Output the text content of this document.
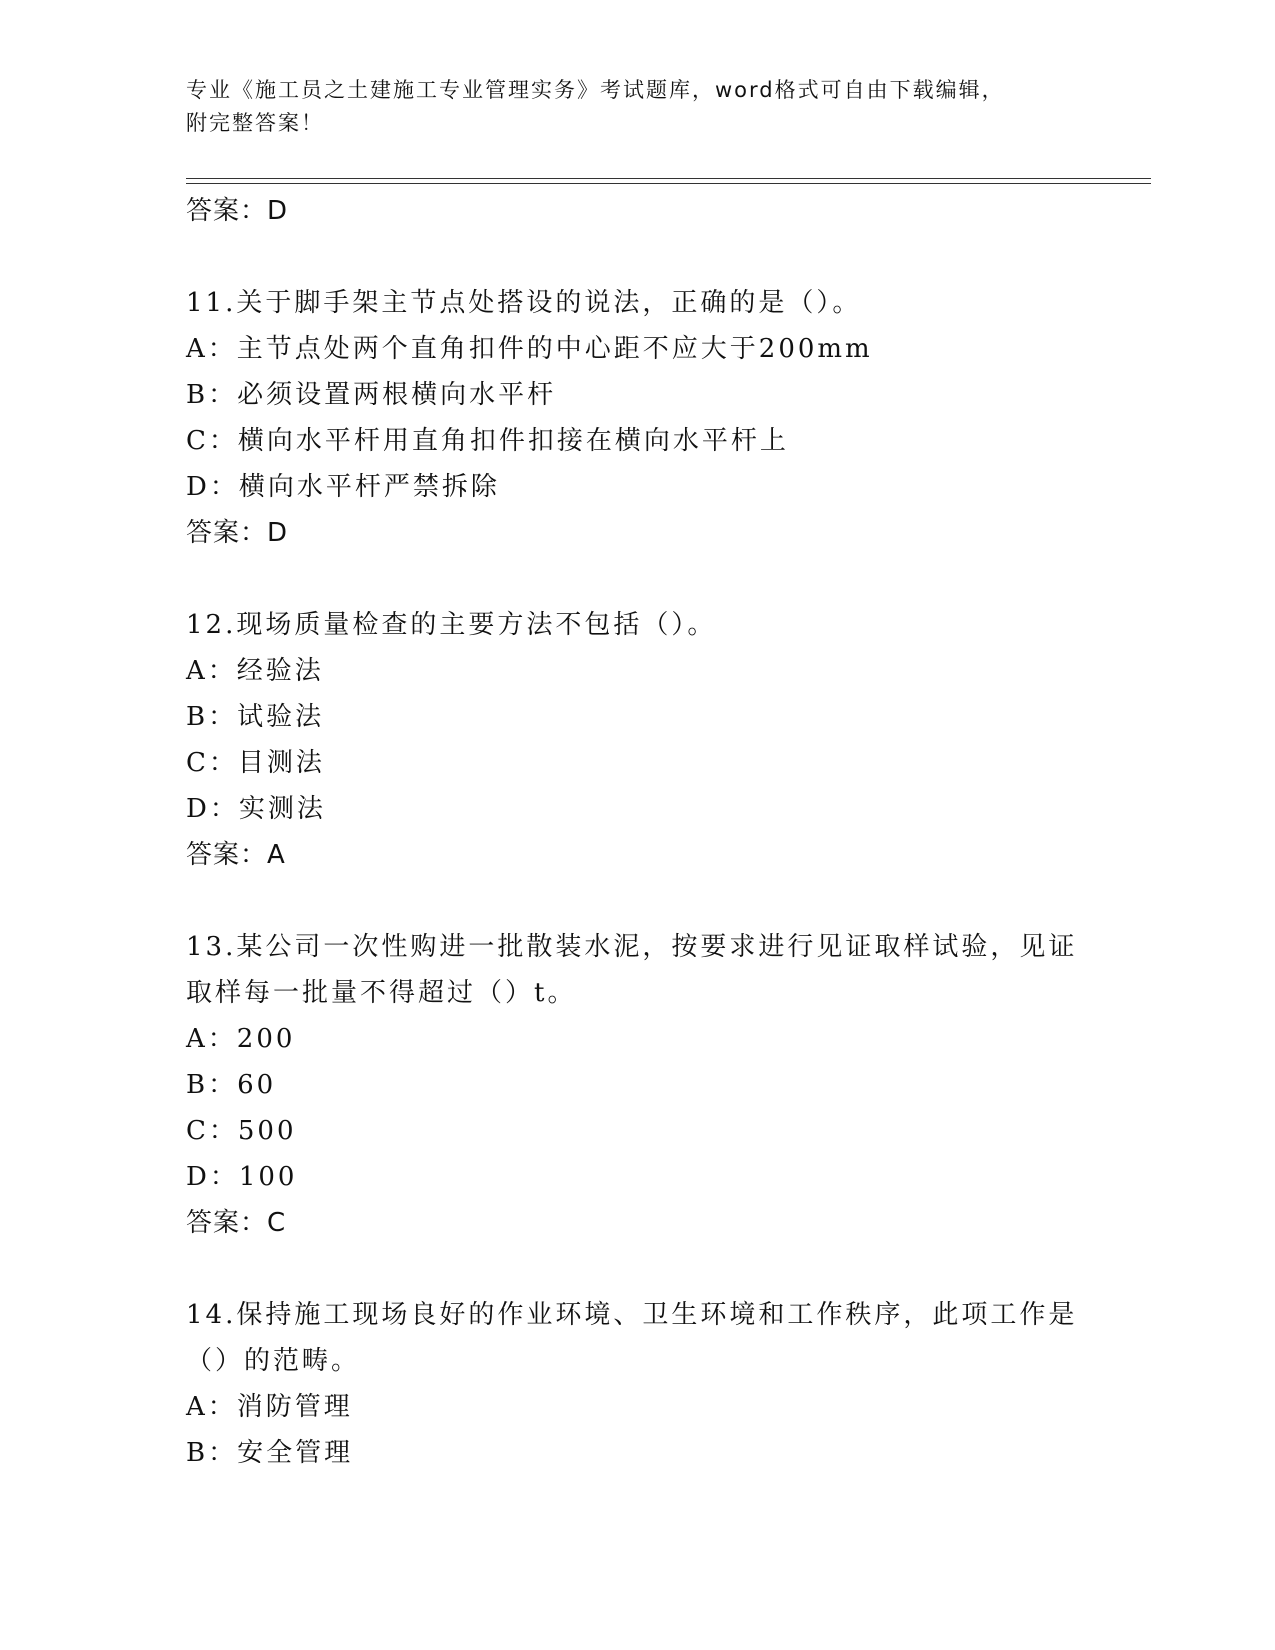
专业《施工员之土建施工专业管理实务》考试题库，word格式可自由下载编辑，
附完整答案！
答案：D
11.关于脚手架主节点处搭设的说法，正确的是（）。
A：主节点处两个直角扣件的中心距不应大于200mm
B：必须设置两根横向水平杆
C：横向水平杆用直角扣件扣接在横向水平杆上
D：横向水平杆严禁拆除
答案：D
12.现场质量检查的主要方法不包括（）。
A：经验法
B：试验法
C：目测法
D：实测法
答案：A
13.某公司一次性购进一批散装水泥，按要求进行见证取样试验，见证取样每一批量不得超过（）t。
A：200
B：60
C：500
D：100
答案：C
14.保持施工现场良好的作业环境、卫生环境和工作秩序，此项工作是（）的范畴。
A：消防管理
B：安全管理
